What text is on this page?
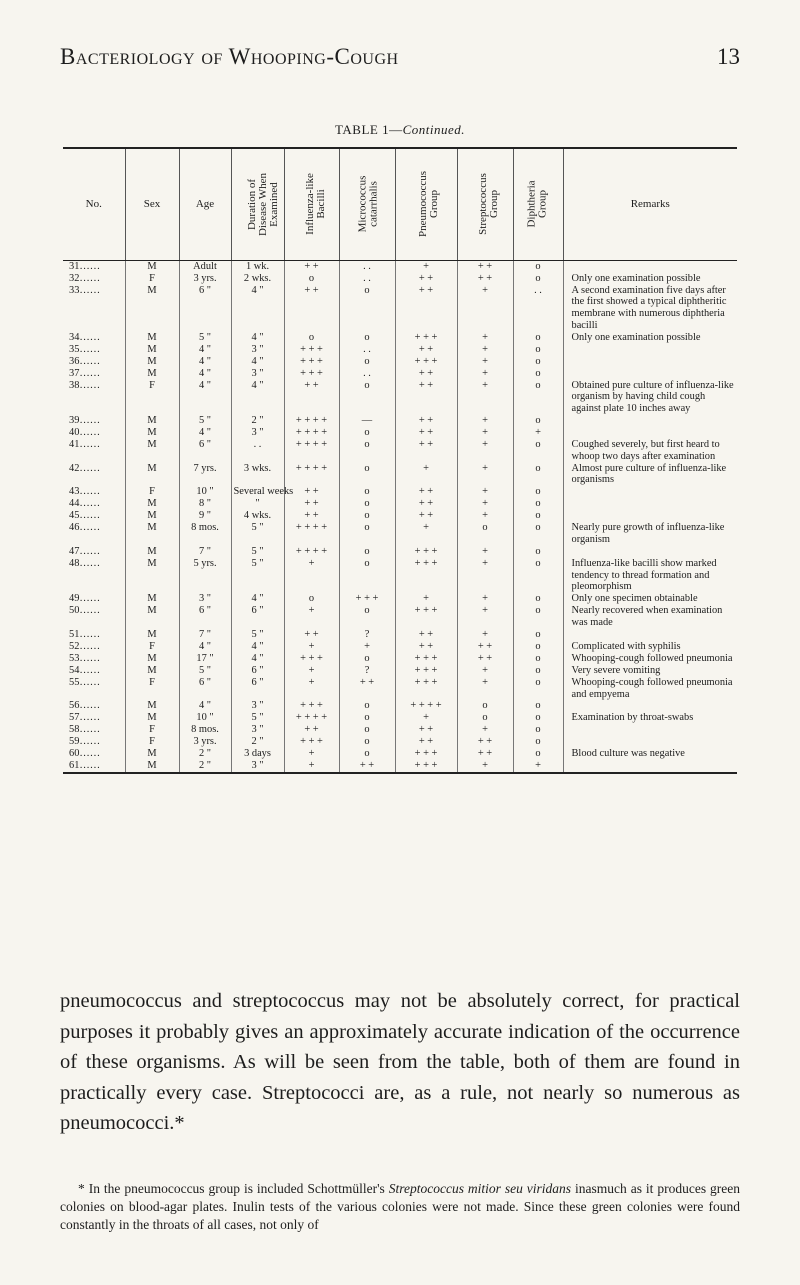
Bacteriology of Whooping-Cough	13
TABLE 1—Continued.
No.	Sex	Age	Duration of Disease When Examined	Influenza-like Bacilli	Micrococcus catarrhalis	Pneumococcus Group	Streptococcus Group	Diphtheria Group	Remarks
31……	M	Adult	1 wk.	+ +	. .	+	+ +	o	
32……	F	3 yrs.	2 wks.	o	. .	+ +	+ +	o	Only one examination possible
33……	M	6 "	4 "	+ +	o	+ +	+	. .	A second examination five days after the first showed a typical diphtheritic membrane with numerous diphtheria bacilli
34……	M	5 "	4 "	o	o	+ + +	+	o	Only one examination possible
35……	M	4 "	3 "	+ + +	. .	+ +	+	o	
36……	M	4 "	4 "	+ + +	o	+ + +	+	o	
37……	M	4 "	3 "	+ + +	. .	+ +	+	o	
38……	F	4 "	4 "	+ +	o	+ +	+	o	Obtained pure culture of influenza-like organism by having child cough against plate 10 inches away
39……	M	5 "	2 "	+ + + +	—	+ +	+	o	
40……	M	4 "	3 "	+ + + +	o	+ +	+	+	
41……	M	6 "	. .	+ + + +	o	+ +	+	o	Coughed severely, but first heard to whoop two days after examination
42……	M	7 yrs.	3 wks.	+ + + +	o	+	+	o	Almost pure culture of influenza-like organisms
43……	F	10 "	Several weeks	+ +	o	+ +	+	o	
44……	M	8 "	"	+ +	o	+ +	+	o	
45……	M	9 "	4 wks.	+ +	o	+ +	+	o	
46……	M	8 mos.	5 "	+ + + +	o	+	o	o	Nearly pure growth of influenza-like organism
47……	M	7 "	5 "	+ + + +	o	+ + +	+	o	
48……	M	5 yrs.	5 "	+	o	+ + +	+	o	Influenza-like bacilli show marked tendency to thread formation and pleomorphism
49……	M	3 "	4 "	o	+ + +	+	+	o	Only one specimen obtainable
50……	M	6 "	6 "	+	o	+ + +	+	o	Nearly recovered when examination was made
51……	M	7 "	5 "	+ +	?	+ +	+	o	
52……	F	4 "	4 "	+	+	+ +	+ +	o	Complicated with syphilis
53……	M	17 "	4 "	+ + +	o	+ + +	+ +	o	Whooping-cough followed pneumonia
54……	M	5 "	6 "	+	?	+ + +	+	o	Very severe vomiting
55……	F	6 "	6 "	+	+ +	+ + +	+	o	Whooping-cough followed pneumonia and empyema
56……	M	4 "	3 "	+ + +	o	+ + + +	o	o	
57……	M	10 "	5 "	+ + + +	o	+	o	o	Examination by throat-swabs
58……	F	8 mos.	3 "	+ +	o	+ +	+	o	
59……	F	3 yrs.	2 "	+ + +	o	+ +	+ +	o	
60……	M	2 "	3 days	+	o	+ + +	+ +	o	Blood culture was negative
61……	M	2 "	3 "	+	+ +	+ + +	+	+	

pneumococcus and streptococcus may not be absolutely correct, for practical purposes it probably gives an approximately accurate indication of the occurrence of these organisms. As will be seen from the table, both of them are found in practically every case. Streptococci are, as a rule, not nearly so numerous as pneumococci.*

* In the pneumococcus group is included Schottmüller's Streptococcus mitior seu viridans inasmuch as it produces green colonies on blood-agar plates. Inulin tests of the various colonies were not made. Since these green colonies were found constantly in the throats of all cases, not only of
